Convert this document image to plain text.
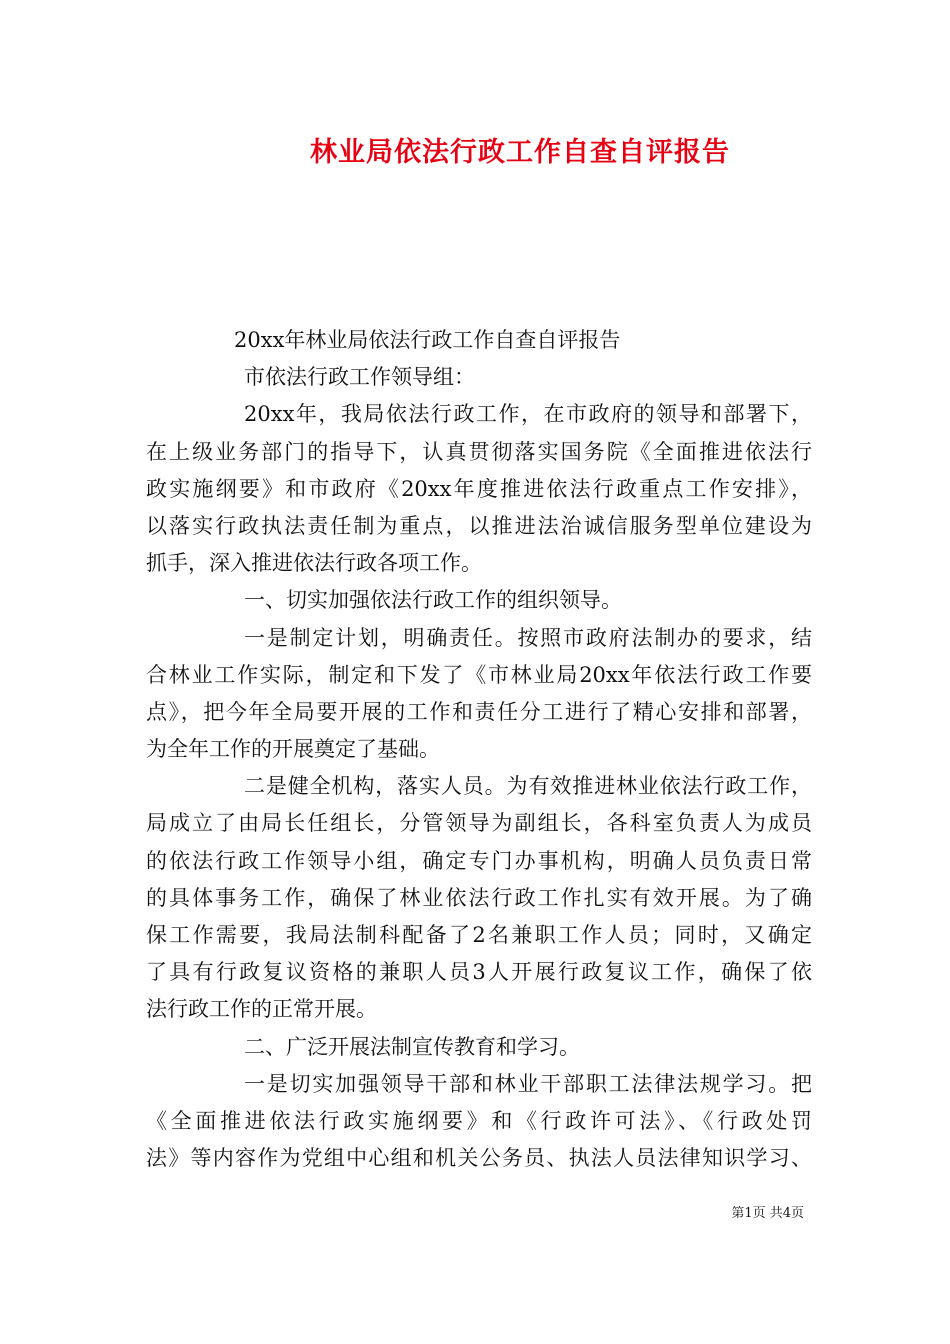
林业局依法行政工作自查自评报告
20xx年林业局依法行政工作自查自评报告
市依法行政工作领导组：
20xx年，我局依法行政工作，在市政府的领导和部署下，
在上级业务部门的指导下，认真贯彻落实国务院《全面推进依法行
政实施纲要》和市政府《20xx年度推进依法行政重点工作安排》，
以落实行政执法责任制为重点，以推进法治诚信服务型单位建设为
抓手，深入推进依法行政各项工作。
一、切实加强依法行政工作的组织领导。
一是制定计划，明确责任。按照市政府法制办的要求，结
合林业工作实际，制定和下发了《市林业局20xx年依法行政工作要
点》，把今年全局要开展的工作和责任分工进行了精心安排和部署，
为全年工作的开展奠定了基础。
二是健全机构，落实人员。为有效推进林业依法行政工作，
局成立了由局长任组长，分管领导为副组长，各科室负责人为成员
的依法行政工作领导小组，确定专门办事机构，明确人员负责日常
的具体事务工作，确保了林业依法行政工作扎实有效开展。为了确
保工作需要，我局法制科配备了2名兼职工作人员；同时，又确定
了具有行政复议资格的兼职人员3人开展行政复议工作，确保了依
法行政工作的正常开展。
二、广泛开展法制宣传教育和学习。
一是切实加强领导干部和林业干部职工法律法规学习。把
《全面推进依法行政实施纲要》和《行政许可法》、《行政处罚
法》等内容作为党组中心组和机关公务员、执法人员法律知识学习、
第1页 共4页
